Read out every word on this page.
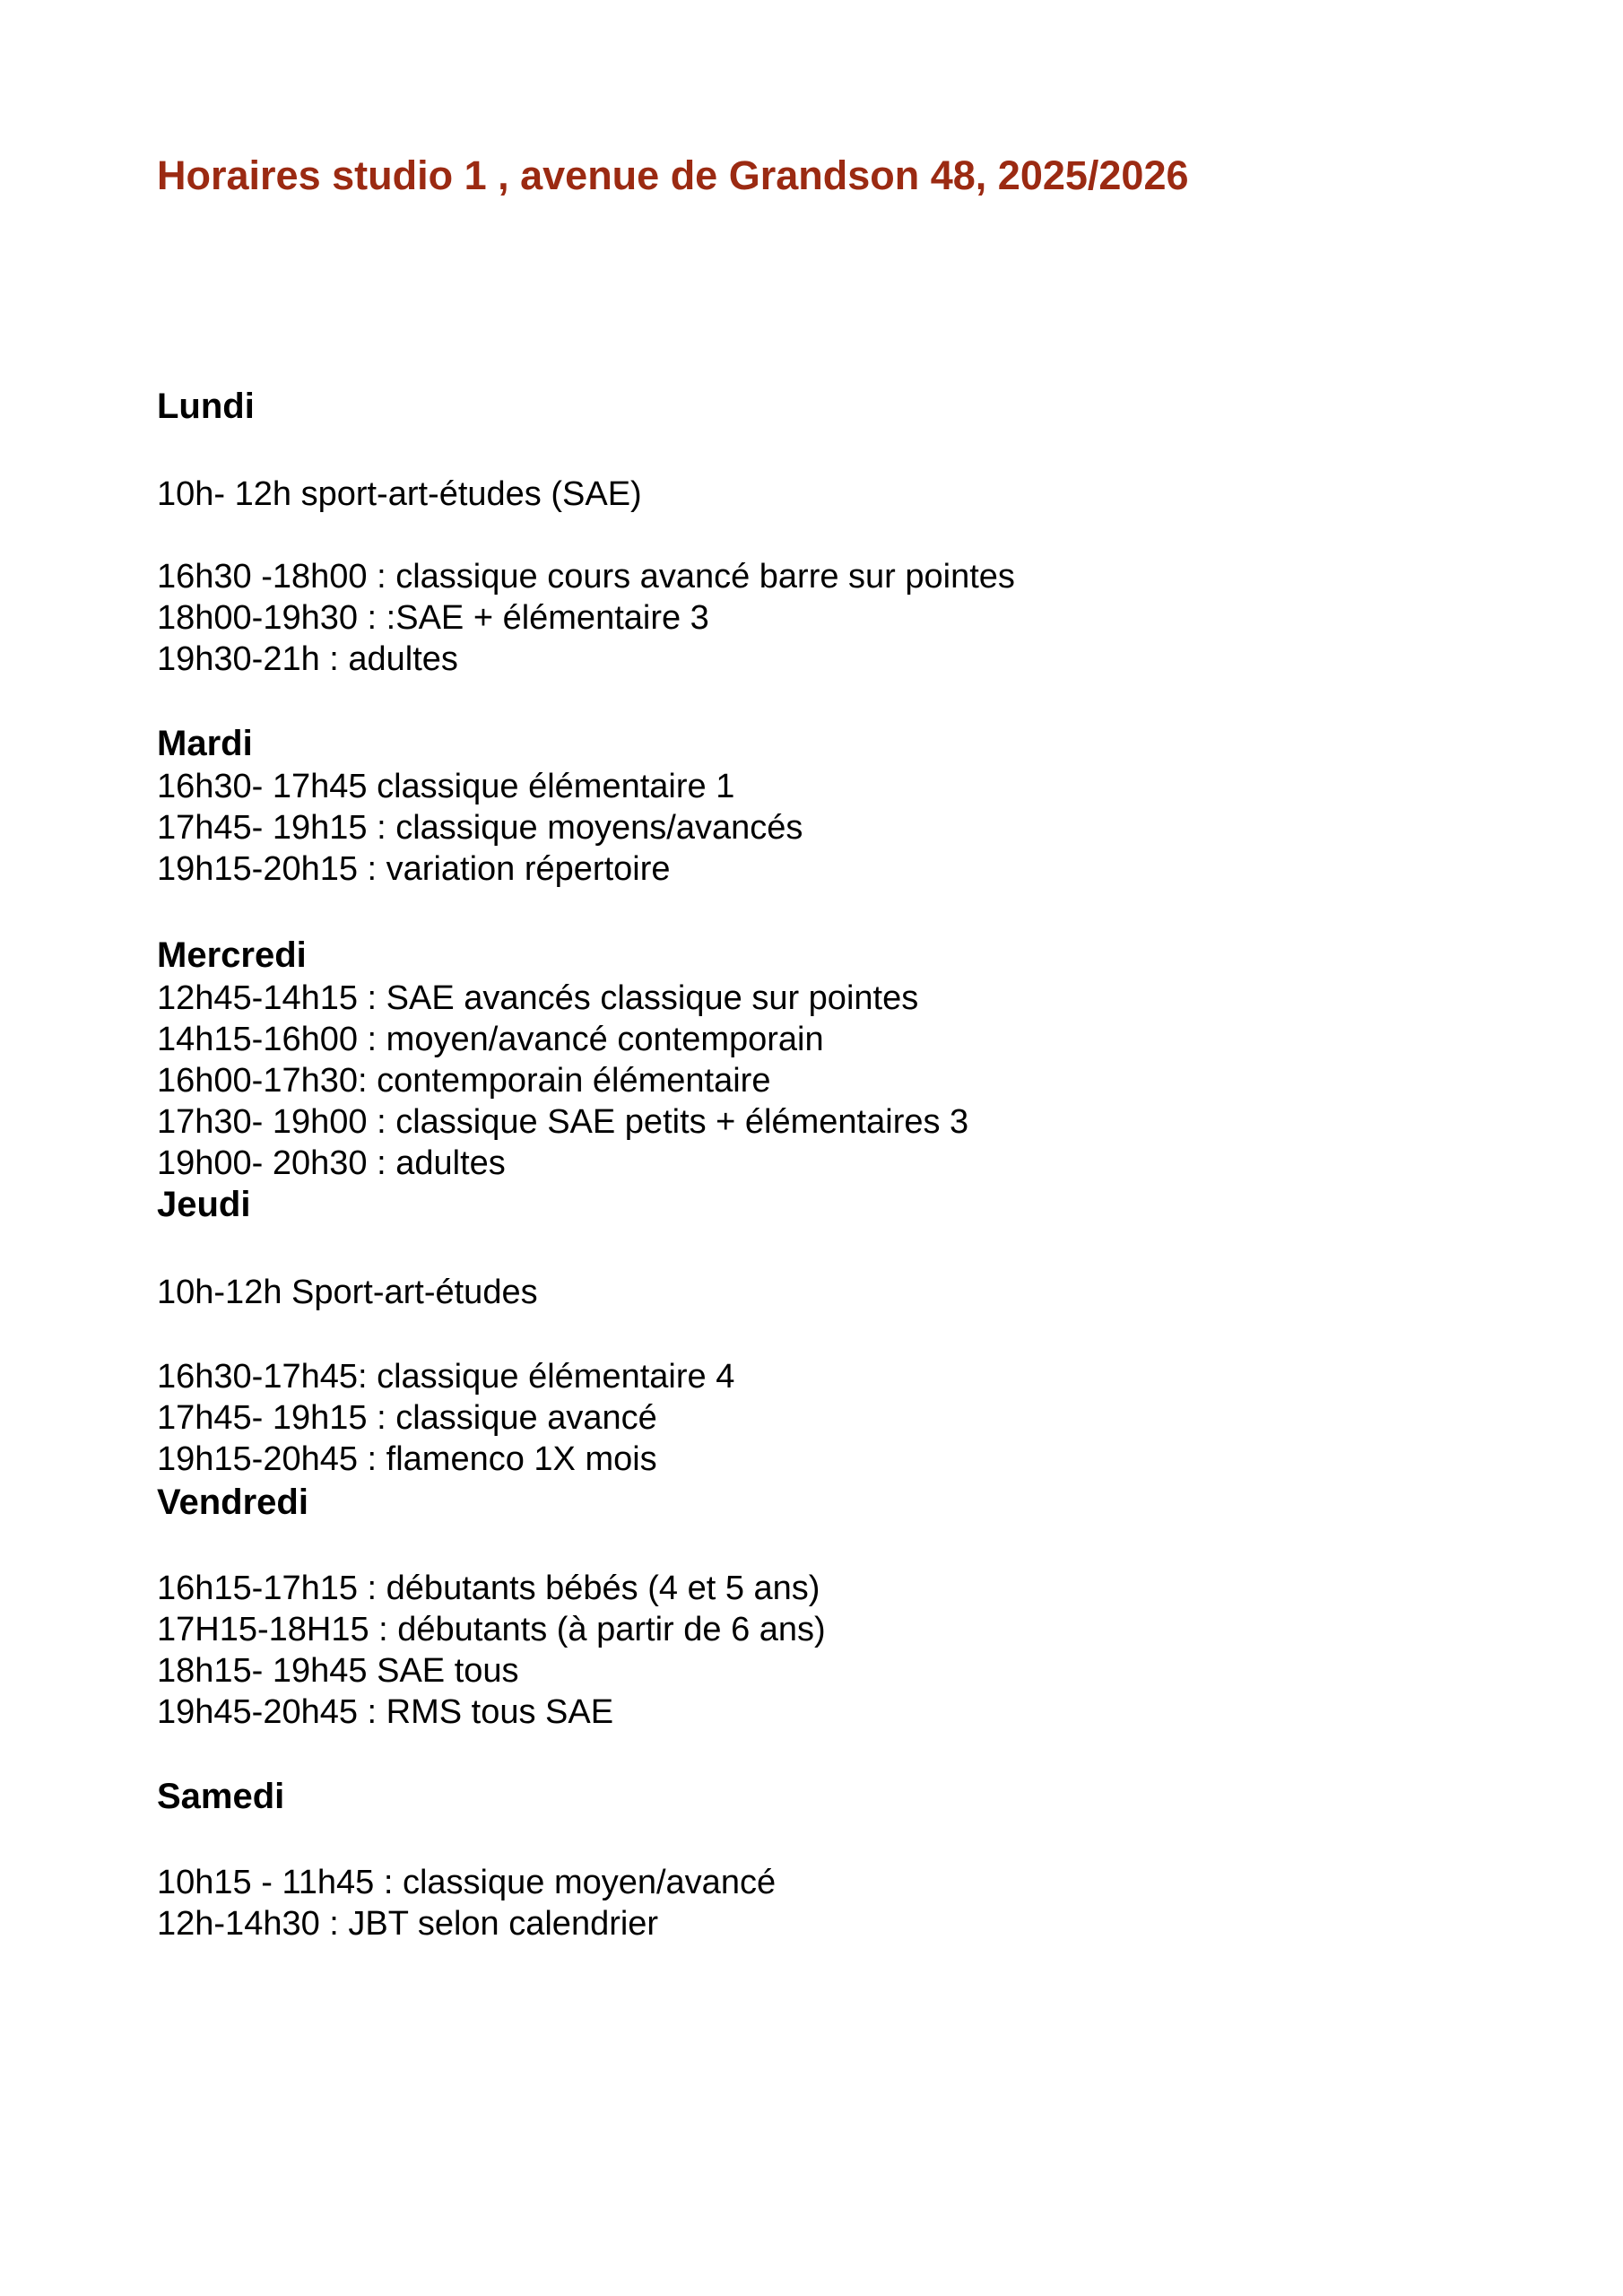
Horaires studio 1 , avenue de Grandson 48, 2025/2026
Lundi
10h- 12h sport-art-études (SAE)
16h30 -18h00 : classique cours avancé barre sur pointes
18h00-19h30 : :SAE + élémentaire 3
19h30-21h : adultes
Mardi
16h30- 17h45 classique élémentaire 1
17h45- 19h15 : classique moyens/avancés
19h15-20h15 : variation répertoire
Mercredi
12h45-14h15 : SAE avancés classique sur pointes
14h15-16h00 : moyen/avancé contemporain
16h00-17h30: contemporain élémentaire
17h30- 19h00 : classique SAE petits + élémentaires 3
19h00- 20h30 : adultes
Jeudi
10h-12h Sport-art-études
16h30-17h45: classique élémentaire 4
17h45- 19h15 : classique avancé
19h15-20h45 : flamenco 1X mois
Vendredi
16h15-17h15 : débutants bébés (4 et 5 ans)
17H15-18H15 : débutants (à partir de 6 ans)
18h15- 19h45 SAE tous
19h45-20h45 : RMS tous SAE
Samedi
10h15 - 11h45 : classique moyen/avancé
12h-14h30 : JBT selon calendrier
